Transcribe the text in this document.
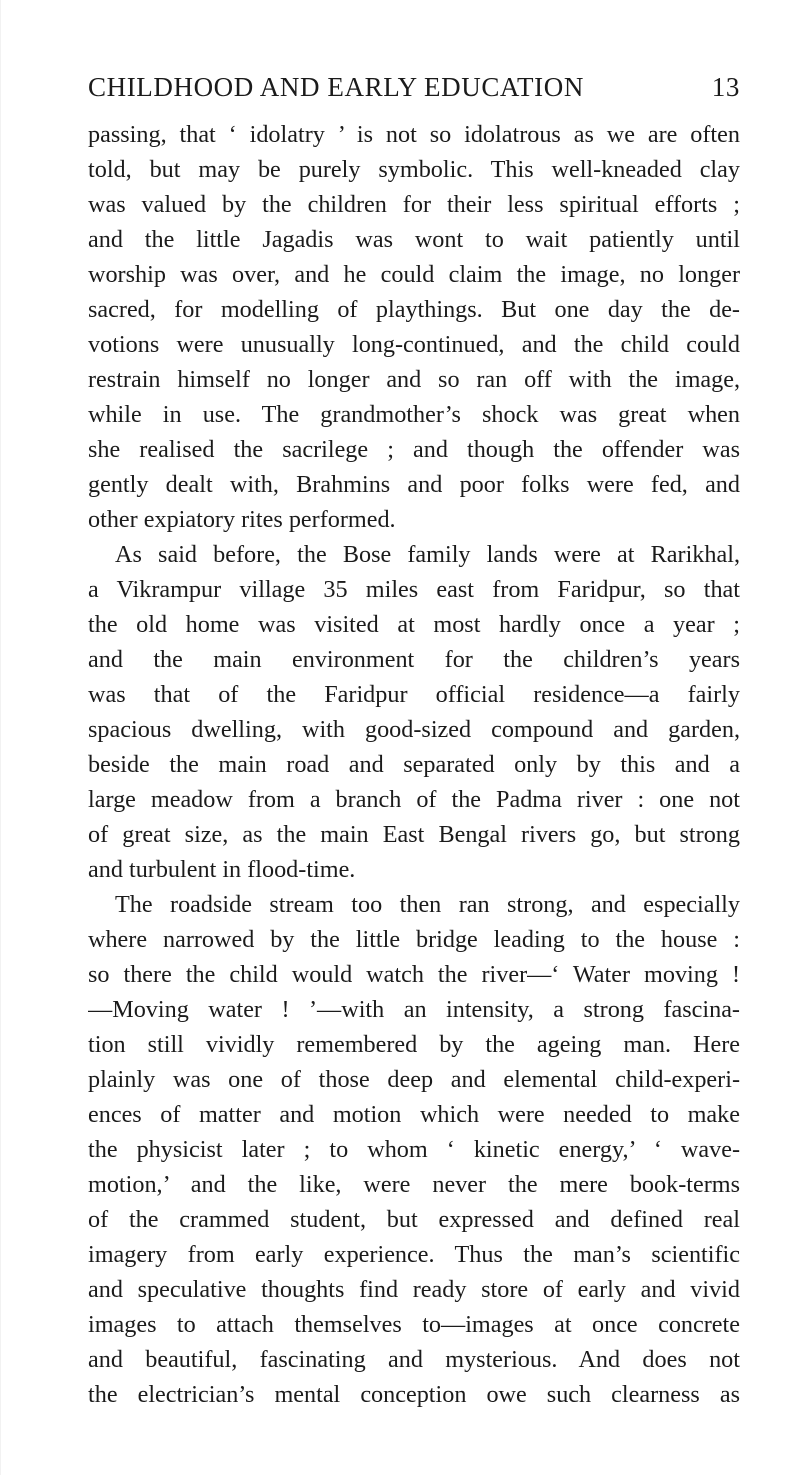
CHILDHOOD AND EARLY EDUCATION	13
passing, that ‘ idolatry ’ is not so idolatrous as we are often
told, but may be purely symbolic. This well-kneaded clay
was valued by the children for their less spiritual efforts ;
and the little Jagadis was wont to wait patiently until
worship was over, and he could claim the image, no longer
sacred, for modelling of playthings. But one day the de-
votions were unusually long-continued, and the child could
restrain himself no longer and so ran off with the image,
while in use. The grandmother’s shock was great when
she realised the sacrilege ; and though the offender was
gently dealt with, Brahmins and poor folks were fed, and
other expiatory rites performed.
As said before, the Bose family lands were at Rarikhal,
a Vikrampur village 35 miles east from Faridpur, so that
the old home was visited at most hardly once a year ;
and the main environment for the children’s years
was that of the Faridpur official residence—a fairly
spacious dwelling, with good-sized compound and garden,
beside the main road and separated only by this and a
large meadow from a branch of the Padma river : one not
of great size, as the main East Bengal rivers go, but strong
and turbulent in flood-time.
The roadside stream too then ran strong, and especially
where narrowed by the little bridge leading to the house :
so there the child would watch the river—‘ Water moving !
—Moving water ! ’—with an intensity, a strong fascina-
tion still vividly remembered by the ageing man. Here
plainly was one of those deep and elemental child-experi-
ences of matter and motion which were needed to make
the physicist later ; to whom ‘ kinetic energy,’ ‘ wave-
motion,’ and the like, were never the mere book-terms
of the crammed student, but expressed and defined real
imagery from early experience. Thus the man’s scientific
and speculative thoughts find ready store of early and vivid
images to attach themselves to—images at once concrete
and beautiful, fascinating and mysterious. And does not
the electrician’s mental conception owe such clearness as
